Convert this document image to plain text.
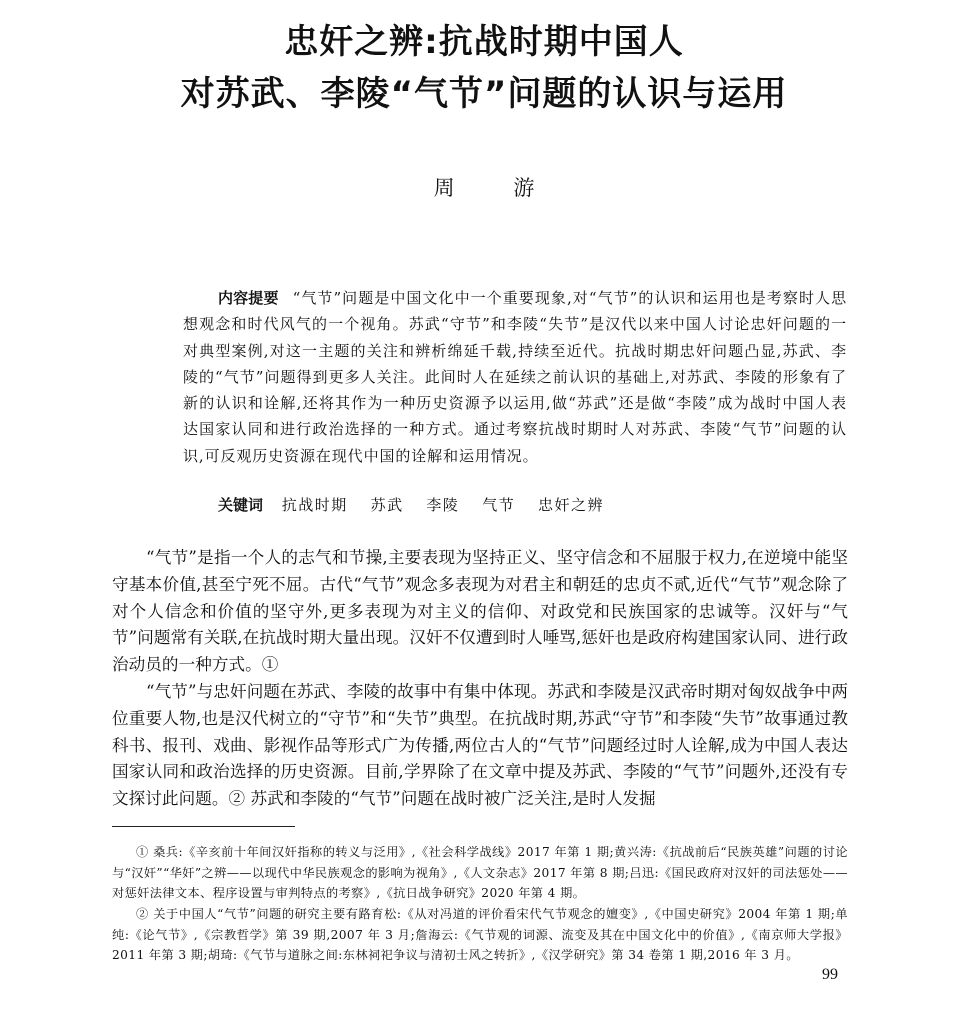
忠奸之辨:抗战时期中国人
对苏武、李陵“气节”问题的认识与运用
周 游

内容提要 “气节”问题是中国文化中一个重要现象,对“气节”的认识和运用也是考察时人思想观念和时代风气的一个视角。苏武“守节”和李陵“失节”是汉代以来中国人讨论忠奸问题的一对典型案例,对这一主题的关注和辨析绵延千载,持续至近代。抗战时期忠奸问题凸显,苏武、李陵的“气节”问题得到更多人关注。此间时人在延续之前认识的基础上,对苏武、李陵的形象有了新的认识和诠解,还将其作为一种历史资源予以运用,做“苏武”还是做“李陵”成为战时中国人表达国家认同和进行政治选择的一种方式。通过考察抗战时期时人对苏武、李陵“气节”问题的认识,可反观历史资源在现代中国的诠解和运用情况。

关键词 抗战时期 苏武 李陵 气节 忠奸之辨

“气节”是指一个人的志气和节操,主要表现为坚持正义、坚守信念和不屈服于权力,在逆境中能坚守基本价值,甚至宁死不屈。古代“气节”观念多表现为对君主和朝廷的忠贞不贰,近代“气节”观念除了对个人信念和价值的坚守外,更多表现为对主义的信仰、对政党和民族国家的忠诚等。汉奸与“气节”问题常有关联,在抗战时期大量出现。汉奸不仅遭到时人唾骂,惩奸也是政府构建国家认同、进行政治动员的一种方式。①

“气节”与忠奸问题在苏武、李陵的故事中有集中体现。苏武和李陵是汉武帝时期对匈奴战争中两位重要人物,也是汉代树立的“守节”和“失节”典型。在抗战时期,苏武“守节”和李陵“失节”故事通过教科书、报刊、戏曲、影视作品等形式广为传播,两位古人的“气节”问题经过时人诠解,成为中国人表达国家认同和政治选择的历史资源。目前,学界除了在文章中提及苏武、李陵的“气节”问题外,还没有专文探讨此问题。② 苏武和李陵的“气节”问题在战时被广泛关注,是时人发掘

① 桑兵:《辛亥前十年间汉奸指称的转义与泛用》,《社会科学战线》2017 年第 1 期;黄兴涛:《抗战前后“民族英雄”问题的讨论与“汉奸”“华奸”之辨——以现代中华民族观念的影响为视角》,《人文杂志》2017 年第 8 期;吕迅:《国民政府对汉奸的司法惩处——对惩奸法律文本、程序设置与审判特点的考察》,《抗日战争研究》2020 年第 4 期。

② 关于中国人“气节”问题的研究主要有路育松:《从对冯道的评价看宋代气节观念的嬗变》,《中国史研究》2004 年第 1 期;单纯:《论气节》,《宗教哲学》第 39 期,2007 年 3 月;詹海云:《气节观的词源、流变及其在中国文化中的价值》,《南京师大学报》2011 年第 3 期;胡琦:《气节与道脉之间:东林祠祀争议与清初士风之转折》,《汉学研究》第 34 卷第 1 期,2016 年 3 月。

99
